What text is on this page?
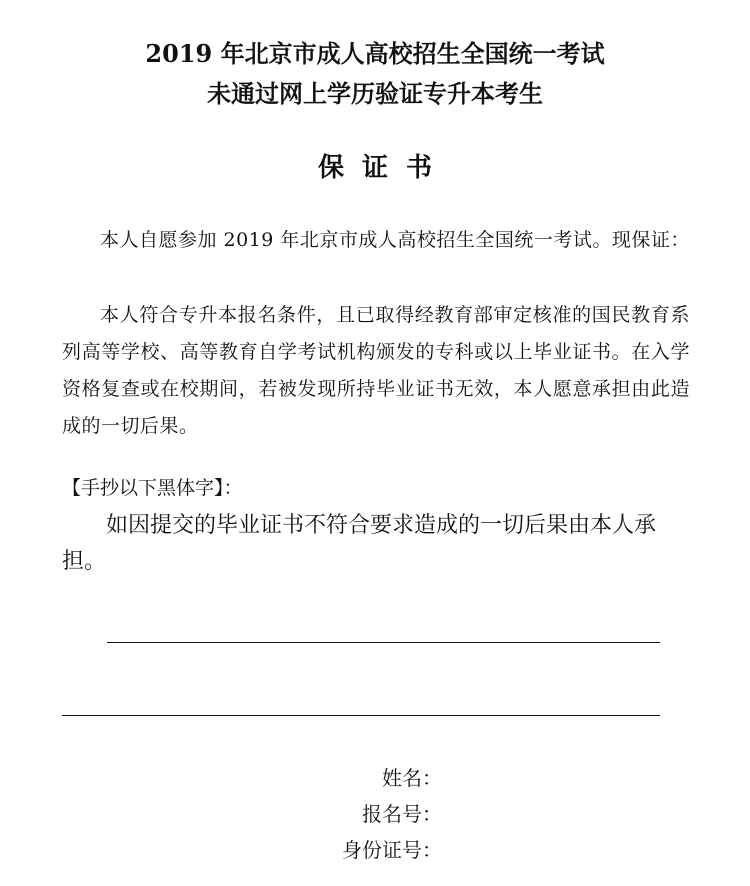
2019 年北京市成人高校招生全国统一考试
未通过网上学历验证专升本考生
保证书

本人自愿参加 2019 年北京市成人高校招生全国统一考试。现保证：

本人符合专升本报名条件，且已取得经教育部审定核准的国民教育系列高等学校、高等教育自学考试机构颁发的专科或以上毕业证书。在入学资格复查或在校期间，若被发现所持毕业证书无效，本人愿意承担由此造成的一切后果。

【手抄以下黑体字】：

如因提交的毕业证书不符合要求造成的一切后果由本人承担。

姓名：

报名号：

身份证号：
